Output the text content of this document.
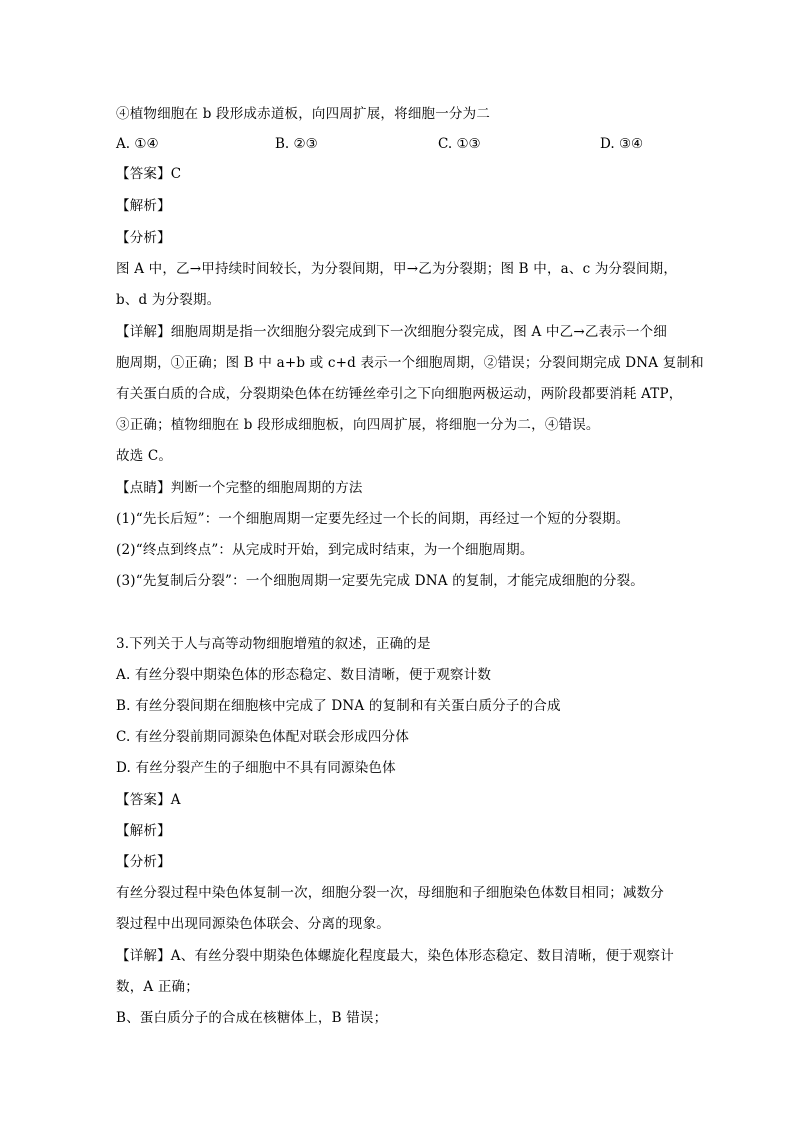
④植物细胞在 b 段形成赤道板，向四周扩展，将细胞一分为二
A. ①④	B. ②③	C. ①③	D. ③④
【答案】C
【解析】
【分析】
图 A 中，乙→甲持续时间较长，为分裂间期，甲→乙为分裂期；图 B 中，a、c 为分裂间期，
b、d 为分裂期。
【详解】细胞周期是指一次细胞分裂完成到下一次细胞分裂完成，图 A 中乙→乙表示一个细
胞周期，①正确；图 B 中 a+b 或 c+d 表示一个细胞周期，②错误；分裂间期完成 DNA 复制和
有关蛋白质的合成，分裂期染色体在纺锤丝牵引之下向细胞两极运动，两阶段都要消耗 ATP，
③正确；植物细胞在 b 段形成细胞板，向四周扩展，将细胞一分为二，④错误。
故选 C。
【点睛】判断一个完整的细胞周期的方法
(1)“先长后短”：一个细胞周期一定要先经过一个长的间期，再经过一个短的分裂期。
(2)“终点到终点”：从完成时开始，到完成时结束，为一个细胞周期。
(3)“先复制后分裂”：一个细胞周期一定要先完成 DNA 的复制，才能完成细胞的分裂。
3.下列关于人与高等动物细胞增殖的叙述，正确的是
A. 有丝分裂中期染色体的形态稳定、数目清晰，便于观察计数
B. 有丝分裂间期在细胞核中完成了 DNA 的复制和有关蛋白质分子的合成
C. 有丝分裂前期同源染色体配对联会形成四分体
D. 有丝分裂产生的子细胞中不具有同源染色体
【答案】A
【解析】
【分析】
有丝分裂过程中染色体复制一次，细胞分裂一次，母细胞和子细胞染色体数目相同；减数分
裂过程中出现同源染色体联会、分离的现象。
【详解】A、有丝分裂中期染色体螺旋化程度最大，染色体形态稳定、数目清晰，便于观察计
数，A 正确；
B、蛋白质分子的合成在核糖体上，B 错误；
